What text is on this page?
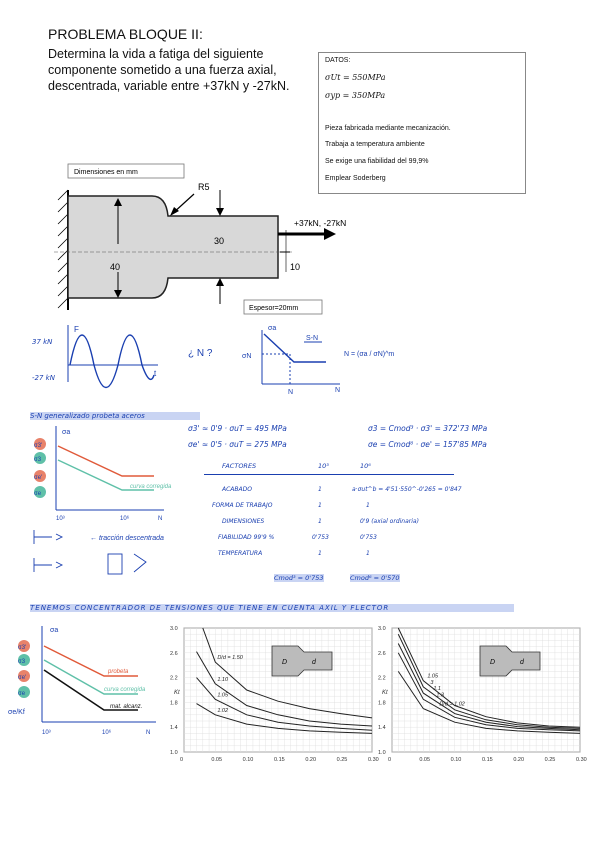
PROBLEMA BLOQUE II:
Determina la vida a fatiga del siguiente componente sometido a una fuerza axial, descentrada, variable entre +37kN y -27kN.
DATOS:
σUt = 550MPa
σyp = 350MPa
Pieza fabricada mediante mecanización.
Trabaja a temperatura ambiente
Se exige una fiabilidad del 99,9%
Emplear Soderberg
Dimensiones en mm
40
30
R5
10
+37kN, -27kN
Espesor=20mm
37 kN
-27 kN
F
t
¿ N ?
σa
σN
N
S-N
N
N = (σa / σN)^m
S-N generalizado probeta aceros
σa
σ3'
σ3
σe'
σe
curva corregida
10³	10⁶	N
← tracción descentrada
σ3' ≈ 0'9 · σuT = 495 MPa
σe' ≈ 0'5 · σuT = 275 MPa
σ3 = Cmod³ · σ3' = 372'73 MPa
σe = Cmod⁶ · σe' = 157'85 MPa
FACTORES	10³	10⁶
ACABADO	1	a·σut^b = 4'51·550^-0'265 = 0'847
FORMA DE TRABAJO	1	1
DIMENSIONES	1	0'9 (axial ordinaria)
FIABILIDAD 99'9 %	0'753	0'753
TEMPERATURA	1	1
Cmod³ = 0'753	Cmod⁶ = 0'570
TENEMOS CONCENTRADOR DE TENSIONES QUE TIENE EN CUENTA AXIL Y FLECTOR
σa
σ3'
σ3
σe'
σe
σe/Kf
probeta
curva corregida
mat. alcanz.
10³	10⁶	N
0	0.05	0.10	0.15	0.20	0.25	0.30
1.0
1.4
1.8
2.2
2.6
3.0
Kt
D/d = 1.50
1.10
1.05
1.02
0	0.05	0.10	0.15	0.20	0.25	0.30
1.0
1.4
1.8
2.2
2.6
3.0
Kt
1.05
3
1.1
1.3
D/d = 1.02
D	d	D	d
